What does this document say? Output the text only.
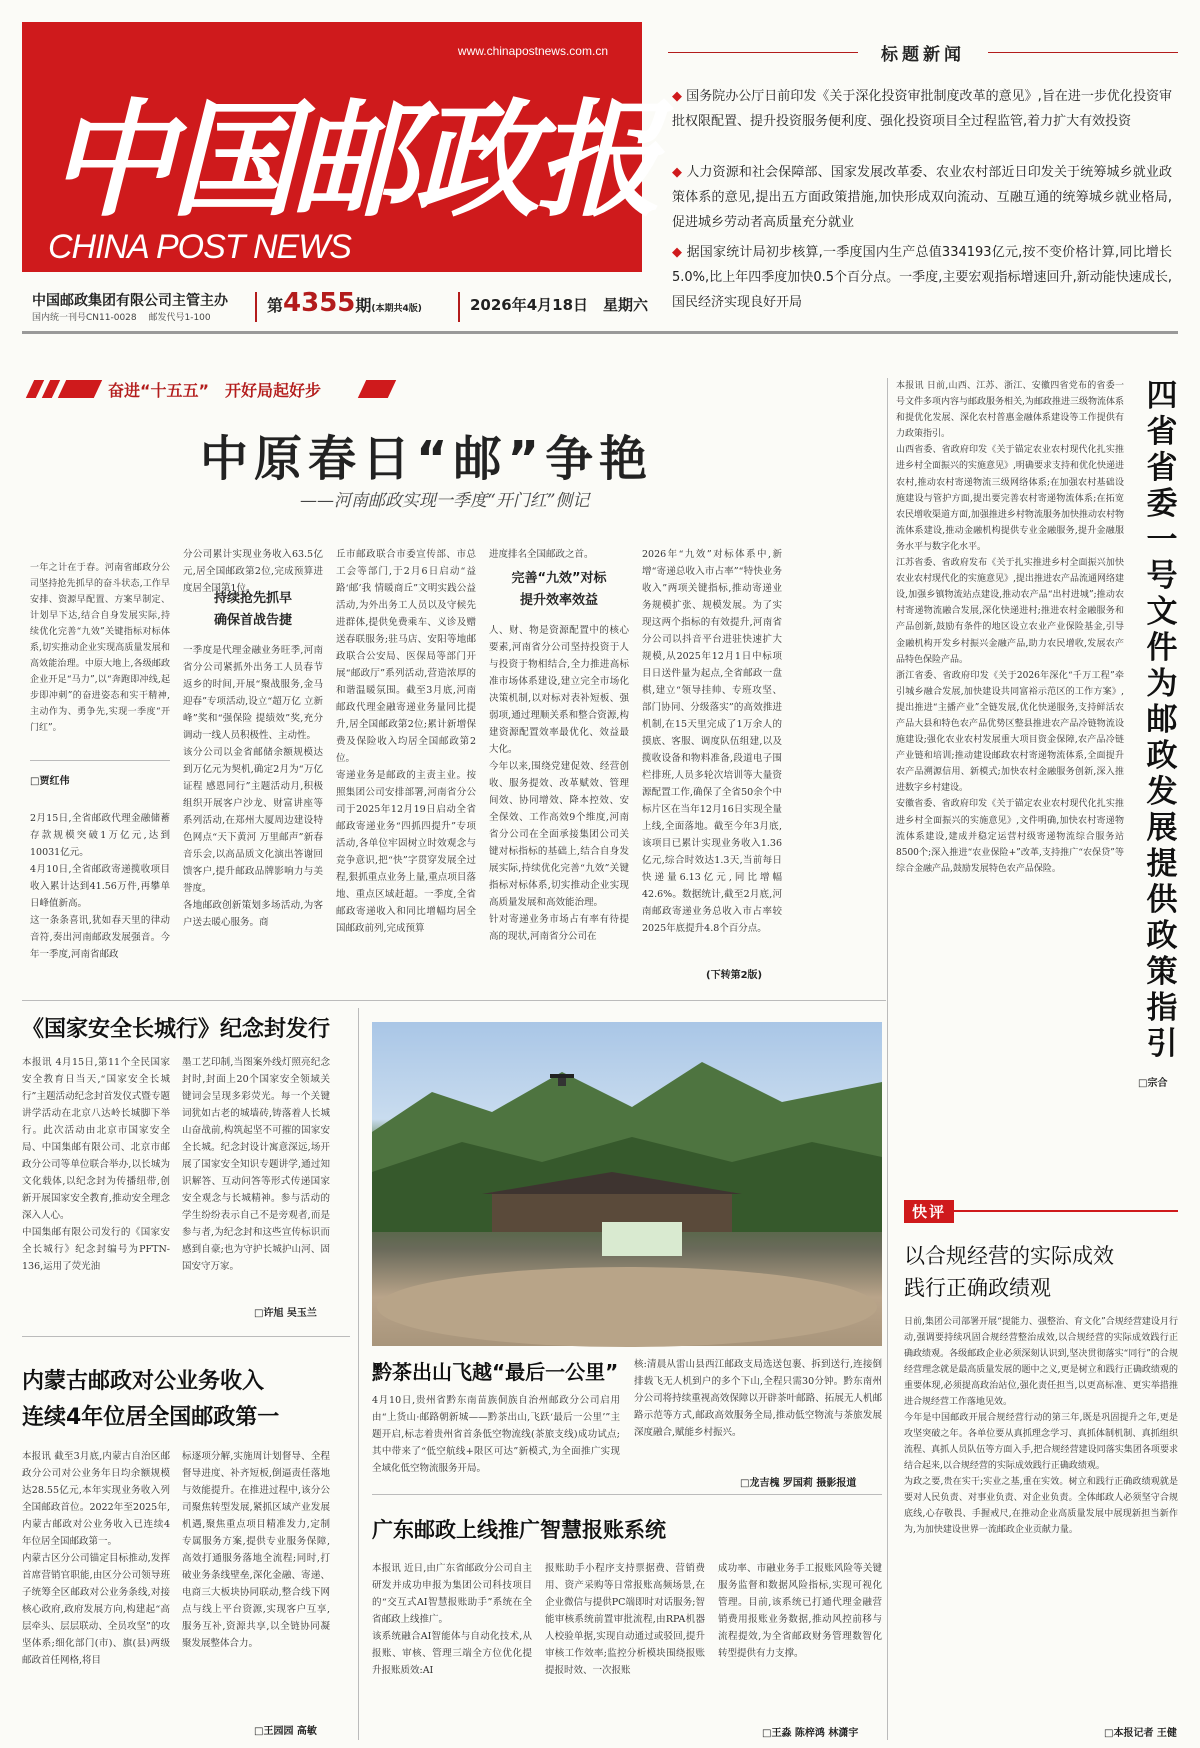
www.chinapostnews.com.cn
中国邮政报
CHINA POST NEWS
中国邮政集团有限公司主管主办
国内统一刊号CN11-0028　 邮发代号1-100
第4355期(本期共4版)	2026年4月18日　星期六
标题新闻
◆ 国务院办公厅日前印发《关于深化投资审批制度改革的意见》,旨在进一步优化投资审批权限配置、提升投资服务便利度、强化投资项目全过程监管,着力扩大有效投资
◆ 人力资源和社会保障部、国家发展改革委、农业农村部近日印发关于统筹城乡就业政策体系的意见,提出五方面政策措施,加快形成双向流动、互融互通的统筹城乡就业格局,促进城乡劳动者高质量充分就业
◆ 据国家统计局初步核算,一季度国内生产总值334193亿元,按不变价格计算,同比增长5.0%,比上年四季度加快0.5个百分点。一季度,主要宏观指标增速回升,新动能快速成长,国民经济实现良好开局
奋进“十五五”　开好局起好步
中原春日“邮”争艳
——河南邮政实现一季度“开门红”侧记
一年之计在于春。河南省邮政分公司坚持抢先抓早的奋斗状态,工作早安排、资源早配置、方案早制定、计划早下达,结合自身发展实际,持续优化完善“九效”关键指标对标体系,切实推动企业实现高质量发展和高效能治理。中原大地上,各级邮政企业开足“马力”,以“奔跑即冲线,起步即冲刺”的奋进姿态和实干精神,主动作为、勇争先,实现一季度“开门红”。
□贾红伟
2月15日,全省邮政代理金融储蓄存款规模突破1万亿元,达到10031亿元。
4月10日,全省邮政寄递揽收项目收入累计达到41.56万件,再攀单日峰值新高。
这一条条喜讯,犹如春天里的律动音符,奏出河南邮政发展强音。今年一季度,河南省邮政
分公司累计实现业务收入63.5亿元,居全国邮政第2位,完成预算进度居全国第1位。
持续抢先抓早
确保首战告捷
一季度是代理金融业务旺季,河南省分公司紧抓外出务工人员春节返乡的时间,开展“聚战服务,金马迎春”专项活动,设立“超万亿 立新峰”奖和“强保险 提绩效”奖,充分调动一线人员积极性、主动性。
该分公司以金省邮储余额规模达到万亿元为契机,确定2月为“万亿证程 感恩同行”主题活动月,积极组织开展客户沙龙、财富讲座等系列活动,在郑州大厦周边建设特色网点“天下黄河 万里邮声”新春音乐会,以高品质文化演出答谢回馈客户,提升邮政品牌影响力与美誉度。
各地邮政创新策划多场活动,为客户送去暖心服务。商
丘市邮政联合市委宣传部、市总工会等部门,于2月6日启动“益路‘邮’我 情暖商丘”文明实践公益活动,为外出务工人员以及守候先进群体,提供免费乘车、义诊及赠送春联服务;驻马店、安阳等地邮政联合公安局、医保局等部门开展“邮政厅”系列活动,营造浓厚的和谐温暖氛围。截至3月底,河南邮政代理金融寄递业务量同比提升,居全国邮政第2位;累计新增保费及保险收入均居全国邮政第2位。
寄递业务是邮政的主责主业。按照集团公司安排部署,河南省分公司于2025年12月19日启动全省邮政寄递业务“四抓四提升”专项活动,各单位牢固树立时效观念与竞争意识,把“快”字贯穿发展全过程,狠抓重点业务上量,重点项目落地、重点区域赶超。一季度,全省邮政寄递收入和同比增幅均居全国邮政前列,完成预算
进度排名全国邮政之首。
完善“九效”对标
提升效率效益
人、财、物是资源配置中的核心要素,河南省分公司坚持投资于人与投资于物相结合,全力推进高标准市场体系建设,建立完全市场化决策机制,以对标对表补短板、强弱项,通过理顺关系和整合资源,构建资源配置效率最优化、效益最大化。
今年以来,围绕党建促效、经营创收、服务提效、改革赋效、管理间效、协同增效、降本控效、安全保效、工作高效9个维度,河南省分公司在全面承接集团公司关键对标指标的基础上,结合自身发展实际,持续优化完善“九效”关键指标对标体系,切实推动企业实现高质量发展和高效能治理。
针对寄递业务市场占有率有待提高的现状,河南省分公司在
2026年“九效”对标体系中,新增“寄递总收入市占率”“特快业务收入”两项关键指标,推动寄递业务规模扩张、规模发展。为了实现这两个指标的有效提升,河南省分公司以抖音平台进驻快速扩大规模,从2025年12月1日中标项目日送件量为起点,全省邮政一盘棋,建立“领导挂帅、专班攻坚、部门协同、分级落实”的高效推进机制,在15天里完成了1万余人的摸底、客服、调度队伍组建,以及揽收设备和物料准备,段道电子围栏排班,人员多轮次培训等大量资源配置工作,确保了全省50余个中标片区在当年12月16日实现全量上线,全面落地。截至今年3月底,该项目已累计实现业务收入1.36亿元,综合时效达1.3天,当前每日快递量6.13亿元,同比增幅42.6%。数据统计,截至2月底,河南邮政寄递业务总收入市占率较2025年底提升4.8个百分点。
(下转第2版)
本报讯 日前,山西、江苏、浙江、安徽四省党布的省委一号文件多项内容与邮政服务相关,为邮政推进三级物流体系和提优化发展、深化农村普惠金融体系建设等工作提供有力政策指引。
山西省委、省政府印发《关于锚定农业农村现代化扎实推进乡村全面振兴的实施意见》,明确要求支持和优化快递进农村,推动农村寄递物流三级网络体系;在加强农村基础设施建设与管护方面,提出要完善农村寄递物流体系;在拓宽农民增收渠道方面,加强推进乡村物流服务加快推动农村物流体系建设,推动金融机构提供专业金融服务,提升金融服务水平与数字化水平。
江苏省委、省政府发布《关于扎实推进乡村全面振兴加快农业农村现代化的实施意见》,提出推进农产品流通网络建设,加强乡镇物流站点建设,推动农产品“出村进城”;推动农村寄递物流融合发展,深化快递进村;推进农村金融服务和产品创新,鼓励有条件的地区设立农业产业保险基金,引导金融机构开发乡村振兴金融产品,助力农民增收,发展农产品特色保险产品。
浙江省委、省政府印发《关于2026年深化“千万工程”牵引城乡融合发展,加快建设共同富裕示范区的工作方案》,提出推进“主播产业”全链发展,优化快递服务,支持鲜活农产品大县和特色农产品优势区整县推进农产品冷链物流设施建设;强化农业农村发展重大项目资金保障,农产品冷链产业链和培训;推动建设邮政农村寄递物流体系,全面提升农产品溯源信用、新模式;加快农村金融服务创新,深入推进数字乡村建设。
安徽省委、省政府印发《关于锚定农业农村现代化扎实推进乡村全面振兴的实施意见》,文件明确,加快农村寄递物流体系建设,建成并稳定运营村级寄递物流综合服务站8500个;深入推进“农业保险+”改革,支持推广“农保贷”等综合金融产品,鼓励发展特色农产品保险。
□宗合
四省省委一号文件为邮政发展提供政策指引
《国家安全长城行》纪念封发行
本报讯 4月15日,第11个全民国家安全教育日当天,“国家安全长城行”主题活动纪念封首发仪式暨专题讲学活动在北京八达岭长城脚下举行。此次活动由北京市国家安全局、中国集邮有限公司、北京市邮政分公司等单位联合举办,以长城为文化载体,以纪念封为传播纽带,创新开展国家安全教育,推动安全理念深入人心。
中国集邮有限公司发行的《国家安全长城行》纪念封编号为PFTN-136,运用了荧光油
墨工艺印制,当图案外线灯照亮纪念封时,封面上20个国家安全领域关键词会呈现多彩荧光。每一个关键词犹如古老的城墙砖,铸落着人长城山奋战前,构筑起坚不可摧的国家安全长城。纪念封设计寓意深远,场开展了国家安全知识专题讲学,通过知识解答、互动问答等形式传递国家安全观念与长城精神。参与活动的学生纷纷表示自己不是旁观者,而是参与者,为纪念封和这些宣传标识而感到自豪;也为守护长城护山河、固国安守万家。
□许旭 吴玉兰
内蒙古邮政对公业务收入
连续4年位居全国邮政第一
本报讯 截至3月底,内蒙古自治区邮政分公司对公业务年日均余额规模达28.55亿元,本年实现业务收入列全国邮政首位。2022年至2025年,内蒙古邮政对公业务收入已连续4年位居全国邮政第一。
内蒙古区分公司锚定目标推动,发挥首席营销官职能,由区分公司领导班子统筹全区邮政对公业务条线,对接核心政府,政府发展方向,构建起“高层牵头、层层联动、全员攻坚”的攻坚体系;细化部门(市)、旗(县)两级邮政首任网格,将目
标逐项分解,实施周计划督导、全程督导进度、补齐短板,倒逼责任落地与效能提升。在推进过程中,该分公司聚焦转型发展,紧抓区域产业发展机遇,聚焦重点项目精准发力,定制专属服务方案,提供专业服务保障,高效打通服务落地全流程;同时,打破业务条线壁垒,深化金融、寄递、电商三大板块协同联动,整合线下网点与线上平台资源,实现客户互享,服务互补,资源共享,以全链协同凝聚发展整体合力。
□王园园 高敏
黔茶出山飞越“最后一公里”
4月10日,贵州省黔东南苗族侗族自治州邮政分公司启用由“上货山·邮路朝新城——黔茶出山,飞跃‘最后一公里’”主题开启,标志着贵州省首条低空物流线(茶旅支线)成功试点;其中带来了“低空航线+限区可达”新模式,为全面推广实现全域化低空物流服务开局。
核:清晨从雷山县西江邮政支局选送包裹、拆到送行,连接倒排载飞无人机到户的多个下山,全程只需30分钟。黔东南州分公司将持续重视高效保障以开辟茶叶邮路、拓展无人机邮路示范等方式,邮政高效服务全局,推动低空物流与茶旅发展深度融合,赋能乡村振兴。
□龙吉槐 罗国莉 摄影报道
广东邮政上线推广智慧报账系统
本报讯 近日,由广东省邮政分公司自主研发并成功申报为集团公司科技项目的“交互式AI智慧报账助手”系统在全省邮政上线推广。
该系统融合AI智能体与自动化技术,从报账、审核、管理三端全方位优化提升报账质效:AI
报账助手小程序支持票据费、营销费用、资产采购等日常报账高频场景,在企业微信与提供PC端即时对话服务;智能审核系统前置审批流程,由RPA机器人校验单据,实现自动通过或驳回,提升审核工作效率;监控分析模块围绕报账提报时效、一次报账
成功率、市融业务手工报账风险等关键服务监督和数据风险指标,实现可视化管理。目前,该系统已打通代理金融营销费用报账业务数据,推动风控前移与流程提效,为全省邮政财务管理数智化转型提供有力支撑。
□王淼 陈梓鸿 林潇宇
快评
以合规经营的实际成效
践行正确政绩观
日前,集团公司部署开展“提能力、强整治、育文化”合规经营建设月行动,强调要持续巩固合规经营整治成效,以合规经营的实际成效践行正确政绩观。各级邮政企业必须深刻认识到,坚决贯彻落实“同行”的合规经营理念就是最高质量发展的题中之义,更是树立和践行正确政绩观的重要体现,必须提高政治站位,强化责任担当,以更高标准、更实举措推进合规经营工作落地见效。
今年是中国邮政开展合规经营行动的第三年,既是巩固提升之年,更是攻坚突破之年。各单位要从真抓理念学习、真抓体制机制、真抓组织流程、真抓人员队伍等方面入手,把合规经营建设同落实集团各项要求结合起来,以合规经营的实际成效践行正确政绩观。
为政之要,贵在实干;实业之基,重在实效。树立和践行正确政绩观就是要对人民负责、对事业负责、对企业负责。全体邮政人必须坚守合规底线,心存敬畏、手握戒尺,在推动企业高质量发展中展现新担当新作为,为加快建设世界一流邮政企业贡献力量。
□本报记者 王健
